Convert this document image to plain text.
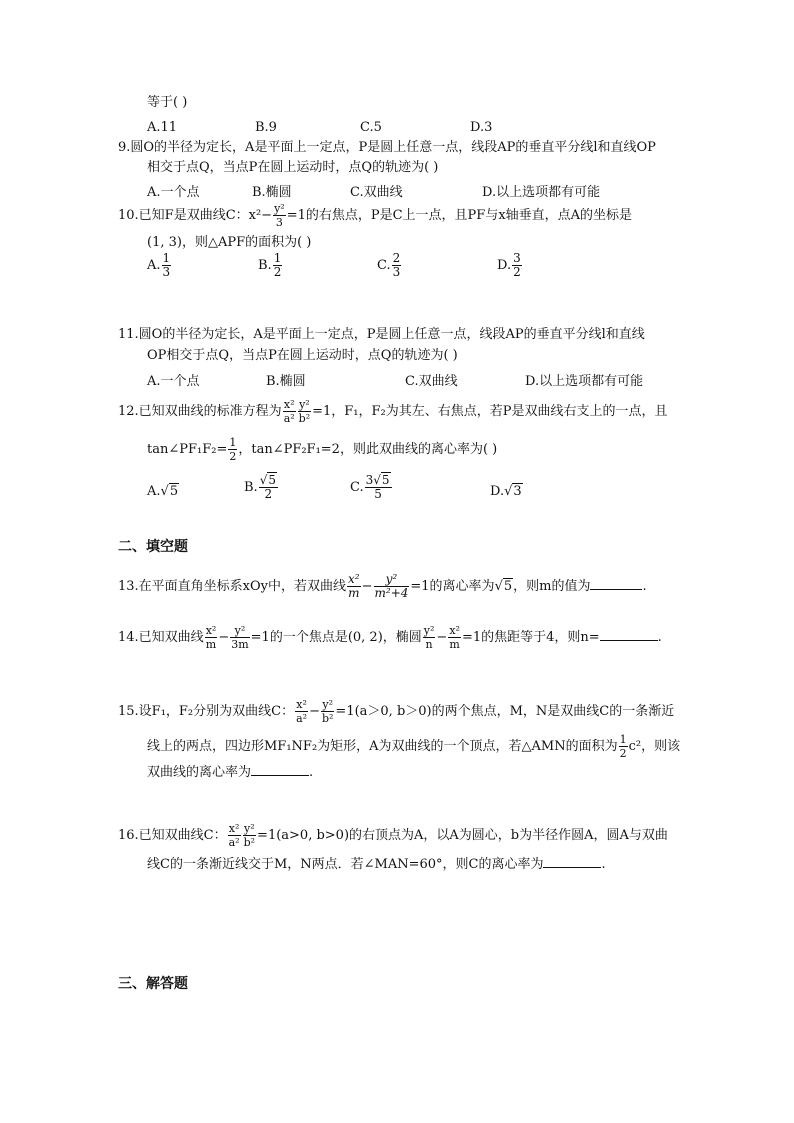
等于( )
A.11	B.9	C.5	D.3
9.圆O的半径为定长，A是平面上一定点，P是圆上任意一点，线段AP的垂直平分线l和直线OP
相交于点Q，当点P在圆上运动时，点Q的轨迹为( )
A.一个点	B.椭圆	C.双曲线	D.以上选项都有可能
10.已知F是双曲线C：$x^2- \frac{\text{y²}}{3} =1$的右焦点，P是C上一点，且PF与x轴垂直，点A的坐标是
(1, 3)，则△APF的面积为( )
A. $\frac{1}{3}$	B. $\frac{1}{2}$	C. $\frac{2}{3}$	D. $\frac{3}{2}$
11.圆O的半径为定长，A是平面上一定点，P是圆上任意一点，线段AP的垂直平分线l和直线
OP相交于点Q，当点P在圆上运动时，点Q的轨迹为( )
A.一个点	B.椭圆	C.双曲线	D.以上选项都有可能
12.已知双曲线的标准方程为 $\frac{\text{x²}}{\text{a²}} \frac{\text{y²}}{\text{b²}} =1$，F₁，F₂为其左、右焦点，若P是双曲线右支上的一点，且
tan∠PF₁F₂= $\frac{1}{2}$ ，tan∠PF₂F₁=2，则此双曲线的离心率为( )
A.√5	B. $\frac{√5}{2}$	C. $\frac{3√5}{5}$	D.√3
二、填空题
13.在平面直角坐标系xOy中，若双曲线 $\frac{\text{x²}}{m} - \frac{\text{y²}}{\text{m²+4}} =1$的离心率为√5，则m的值为	.
14.已知双曲线 $\frac{\text{x²}}{m} - \frac{\text{y²}}{3m} =1$的一个焦点是(0, 2)，椭圆 $\frac{\text{y²}}{n} - \frac{\text{x²}}{m} =1$的焦距等于4，则n=	.
15.设F₁，F₂分别为双曲线C： $\frac{\text{x²}}{\text{a²}} - \frac{\text{y²}}{\text{b²}} =1(a>0$, b＞0)的两个焦点，M，N是双曲线C的一条渐近
线上的两点，四边形MF₁NF₂为矩形，A为双曲线的一个顶点，若△AMN的面积为 $\frac{1}{2} c^2$，则该
双曲线的离心率为	.
16.已知双曲线C： $\frac{\text{x²}}{\text{a²}} \frac{\text{y²}}{\text{b²}} =1(a>0$, b>0)的右顶点为A，以A为圆心，b为半径作圆A，圆A与双曲
线C的一条渐近线交于M，N两点．若∠MAN=60°，则C的离心率为	.
三、解答题
